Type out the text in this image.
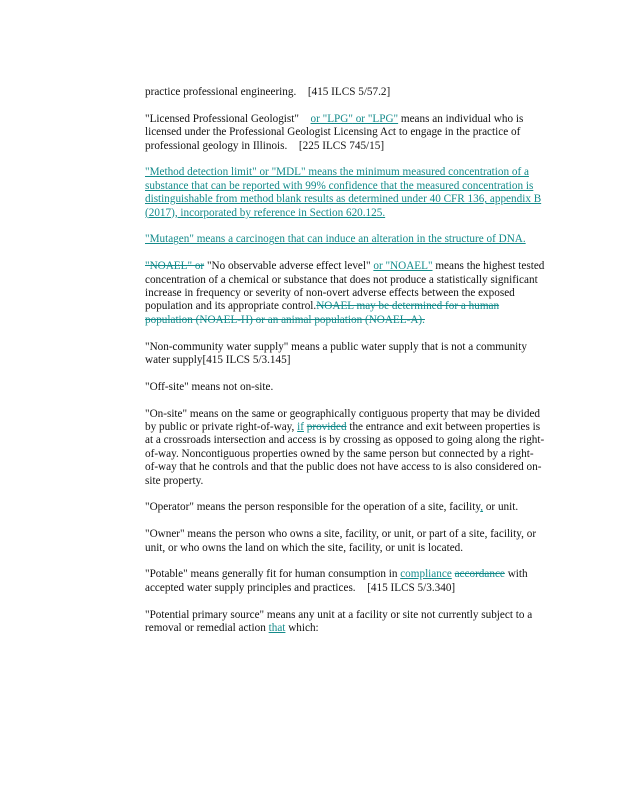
practice professional engineering. [415 ILCS 5/57.2]

"Licensed Professional Geologist" or "LPG" or "LPG" means an individual who is licensed under the Professional Geologist Licensing Act to engage in the practice of professional geology in Illinois. [225 ILCS 745/15]

"Method detection limit" or "MDL" means the minimum measured concentration of a substance that can be reported with 99% confidence that the measured concentration is distinguishable from method blank results as determined under 40 CFR 136, appendix B (2017), incorporated by reference in Section 620.125.

"Mutagen" means a carcinogen that can induce an alteration in the structure of DNA.

"NOAEL" or "No observable adverse effect level" or "NOAEL" means the highest tested concentration of a chemical or substance that does not produce a statistically significant increase in frequency or severity of non-overt adverse effects between the exposed population and its appropriate control.NOAEL may be determined for a human population (NOAEL-H) or an animal population (NOAEL-A).

"Non-community water supply" means a public water supply that is not a community water supply[415 ILCS 5/3.145]

"Off-site" means not on-site.

"On-site" means on the same or geographically contiguous property that may be divided by public or private right-of-way, if provided the entrance and exit between properties is at a crossroads intersection and access is by crossing as opposed to going along the right-of-way. Noncontiguous properties owned by the same person but connected by a right-of-way that he controls and that the public does not have access to is also considered on-site property.

"Operator" means the person responsible for the operation of a site, facility, or unit.

"Owner" means the person who owns a site, facility, or unit, or part of a site, facility, or unit, or who owns the land on which the site, facility, or unit is located.

"Potable" means generally fit for human consumption in compliance accordance with accepted water supply principles and practices. [415 ILCS 5/3.340]

"Potential primary source" means any unit at a facility or site not currently subject to a removal or remedial action that which:
